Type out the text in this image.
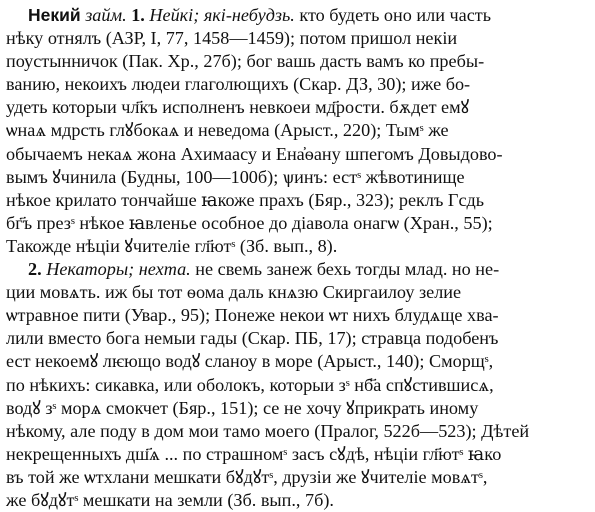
Некий займ. 1. Нейкі; які-небудзь. кто будеть оно или часть
нѣку отнялъ (АЗР, I, 77, 1458—1459); потом пришол некіи
поустынничок (Пак. Хр., 27б); бог вашь дасть вамъ ко пребы-
ванию, некоихъ людеи глаголющихъ (Скар. ДЗ, 30); иже бо-
удеть которыи чл҃къ исполненъ невкоеи мд҃рости. бѫдет емꙋ
ѡнаѧ мдрсть глꙋбокаѧ и неведома (Арыст., 220); Тымˢ же
обычаемъ некаѧ жона Ахимаасу и Ена҆ѳану шпегомъ Довыдово-
вымъ ꙋчинила (Будны, 100—100б); ѱинъ: естˢ жѣвотинище
нѣкое крилато тончайше ꙗкоже прахъ (Бяр., 323); реклъ Гсдь
бг҃ъ презˢ нѣкое ꙗвленье особное до діавола онагѡ (Хран., 55);
Такожде нѣціи ꙋчителіе гл҃ютˢ (Зб. вып., 8).
2. Некаторы; нехта. не свемь занеж бехь тогды млад. но не-
ции мовѧть. иж бы тот ѳома даль кнѧзю Скиргаилоу зелие
ѡтравное пити (Увар., 95); Понеже некои ѡт нихъ блудѧще хва-
лили вместо бога немыи гады (Скар. ПБ, 17); стравца подобенъ
ест некоемꙋ лѥющо водꙋ сланоу в море (Арыст., 140); Сморщˢ,
по нѣкихъ: сикавка, или оболокъ, которыи зˢ нб҃а спꙋстившисѧ,
водꙋ зˢ морѧ смокчет (Бяр., 151); се не хочу ꙋприкрать иному
нѣкому, але поду в дом мои тамо моего (Пралог, 522б—523); Дѣтей
некрещенныхъ дш҃ѧ ... по страшномˢ засъ сꙋдѣ, нѣціи гл҃ютˢ ꙗко
въ той же ѡтхлани мешкати бꙋдꙋтˢ, друзіи же ꙋчителіе мовѧтˢ,
же бꙋдꙋтˢ мешкати на земли (Зб. вып., 7б).
